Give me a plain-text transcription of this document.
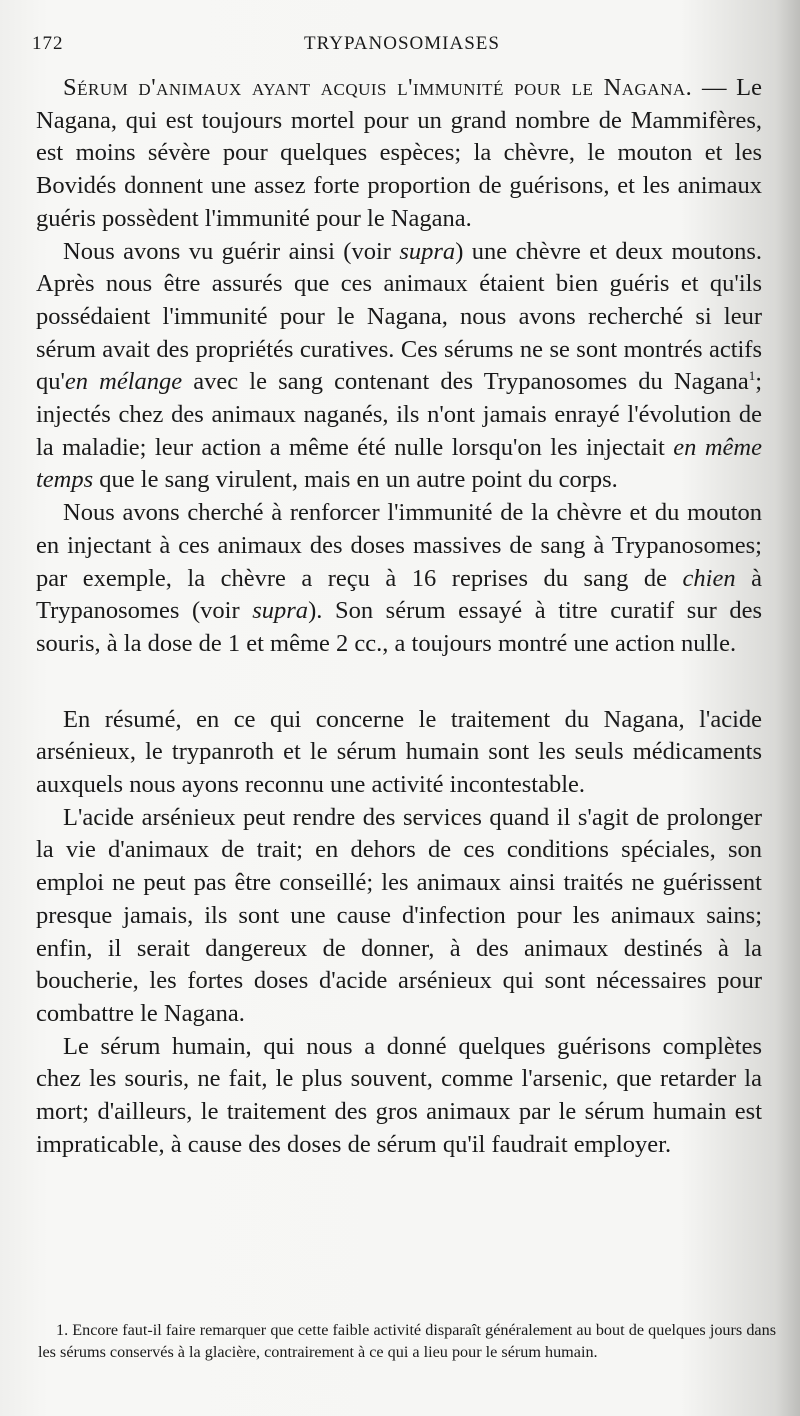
172	TRYPANOSOMIASES

Sérum d'animaux ayant acquis l'immunité pour le Nagana. — Le Nagana, qui est toujours mortel pour un grand nombre de Mammifères, est moins sévère pour quelques espèces; la chèvre, le mouton et les Bovidés donnent une assez forte proportion de guérisons, et les animaux guéris possèdent l'immunité pour le Nagana.

Nous avons vu guérir ainsi (voir supra) une chèvre et deux moutons. Après nous être assurés que ces animaux étaient bien guéris et qu'ils possédaient l'immunité pour le Nagana, nous avons recherché si leur sérum avait des propriétés curatives. Ces sérums ne se sont montrés actifs qu'en mélange avec le sang contenant des Trypanosomes du Nagana$^1$; injectés chez des animaux naganés, ils n'ont jamais enrayé l'évolution de la maladie; leur action a même été nulle lorsqu'on les injectait en même temps que le sang virulent, mais en un autre point du corps.

Nous avons cherché à renforcer l'immunité de la chèvre et du mouton en injectant à ces animaux des doses massives de sang à Trypanosomes; par exemple, la chèvre a reçu à 16 reprises du sang de chien à Trypanosomes (voir supra). Son sérum essayé à titre curatif sur des souris, à la dose de 1 et même 2 cc., a toujours montré une action nulle.

En résumé, en ce qui concerne le traitement du Nagana, l'acide arsénieux, le trypanroth et le sérum humain sont les seuls médicaments auxquels nous ayons reconnu une activité incontestable.

L'acide arsénieux peut rendre des services quand il s'agit de prolonger la vie d'animaux de trait; en dehors de ces conditions spéciales, son emploi ne peut pas être conseillé; les animaux ainsi traités ne guérissent presque jamais, ils sont une cause d'infection pour les animaux sains; enfin, il serait dangereux de donner, à des animaux destinés à la boucherie, les fortes doses d'acide arsénieux qui sont nécessaires pour combattre le Nagana.

Le sérum humain, qui nous a donné quelques guérisons complètes chez les souris, ne fait, le plus souvent, comme l'arsenic, que retarder la mort; d'ailleurs, le traitement des gros animaux par le sérum humain est impraticable, à cause des doses de sérum qu'il faudrait employer.

1. Encore faut-il faire remarquer que cette faible activité disparaît généralement au bout de quelques jours dans les sérums conservés à la glacière, contrairement à ce qui a lieu pour le sérum humain.
